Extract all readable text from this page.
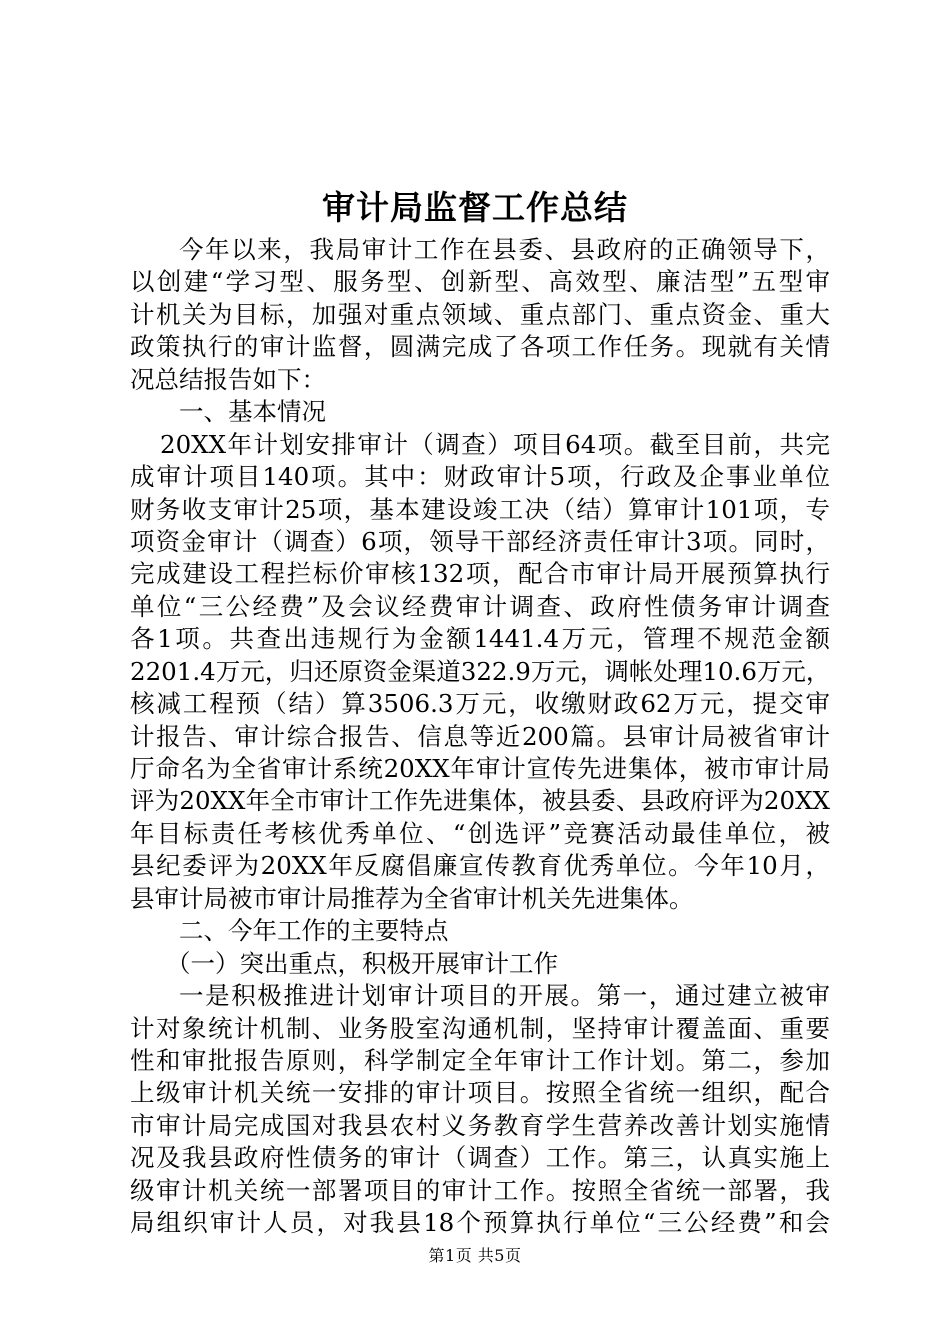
审计局监督工作总结
今年以来，我局审计工作在县委、县政府的正确领导下，
以创建“学习型、服务型、创新型、高效型、廉洁型”五型审
计机关为目标，加强对重点领域、重点部门、重点资金、重大
政策执行的审计监督，圆满完成了各项工作任务。现就有关情
况总结报告如下：
一、基本情况
20XX年计划安排审计（调查）项目64项。截至目前，共完
成审计项目140项。其中：财政审计5项，行政及企事业单位
财务收支审计25项，基本建设竣工决（结）算审计101项，专
项资金审计（调查）6项，领导干部经济责任审计3项。同时，
完成建设工程拦标价审核132项，配合市审计局开展预算执行
单位“三公经费”及会议经费审计调查、政府性债务审计调查
各1项。共查出违规行为金额1441.4万元，管理不规范金额
2201.4万元，归还原资金渠道322.9万元，调帐处理10.6万元，
核减工程预（结）算3506.3万元，收缴财政62万元，提交审
计报告、审计综合报告、信息等近200篇。县审计局被省审计
厅命名为全省审计系统20XX年审计宣传先进集体，被市审计局
评为20XX年全市审计工作先进集体，被县委、县政府评为20XX
年目标责任考核优秀单位、“创选评”竞赛活动最佳单位，被
县纪委评为20XX年反腐倡廉宣传教育优秀单位。今年10月，
县审计局被市审计局推荐为全省审计机关先进集体。
二、今年工作的主要特点
（一）突出重点，积极开展审计工作
一是积极推进计划审计项目的开展。第一，通过建立被审
计对象统计机制、业务股室沟通机制，坚持审计覆盖面、重要
性和审批报告原则，科学制定全年审计工作计划。第二，参加
上级审计机关统一安排的审计项目。按照全省统一组织，配合
市审计局完成国对我县农村义务教育学生营养改善计划实施情
况及我县政府性债务的审计（调查）工作。第三，认真实施上
级审计机关统一部署项目的审计工作。按照全省统一部署，我
局组织审计人员，对我县18个预算执行单位“三公经费”和会
第1页 共5页
